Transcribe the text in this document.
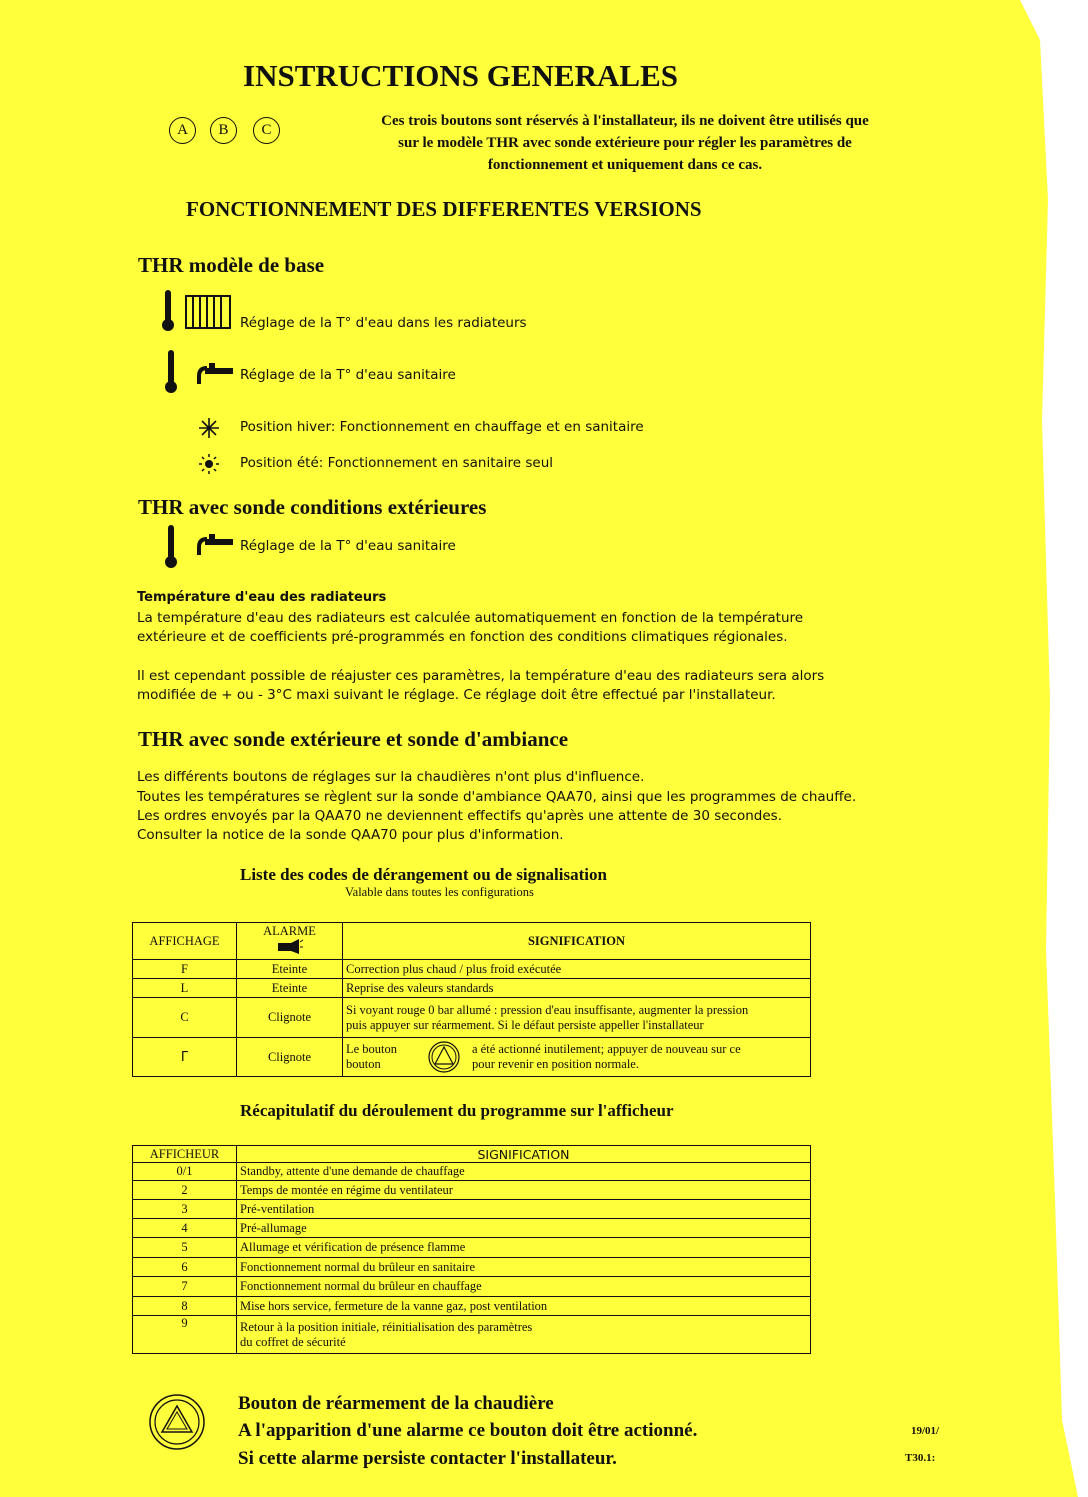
INSTRUCTIONS GENERALES
A	B	C
Ces trois boutons sont réservés à l'installateur, ils ne doivent être utilisés que sur le modèle THR avec sonde extérieure pour régler les paramètres de fonctionnement et uniquement dans ce cas.
FONCTIONNEMENT DES DIFFERENTES VERSIONS
THR modèle de base
Réglage de la T° d'eau dans les radiateurs
Réglage de la T° d'eau sanitaire
Position hiver: Fonctionnement en chauffage et en sanitaire
Position été: Fonctionnement en sanitaire seul
THR avec sonde conditions extérieures
Réglage de la T° d'eau sanitaire
Température d'eau des radiateurs
La température d'eau des radiateurs est calculée automatiquement en fonction de la température
extérieure et de coefficients pré-programmés en fonction des conditions climatiques régionales.
Il est cependant possible de réajuster ces paramètres, la température d'eau des radiateurs sera alors
modifiée de + ou - 3°C maxi suivant le réglage. Ce réglage doit être effectué par l'installateur.
THR avec sonde extérieure et sonde d'ambiance
Les différents boutons de réglages sur la chaudières n'ont plus d'influence.
Toutes les températures se règlent sur la sonde d'ambiance QAA70, ainsi que les programmes de chauffe.
Les ordres envoyés par la QAA70 ne deviennent effectifs qu'après une attente de 30 secondes.
Consulter la notice de la sonde QAA70 pour plus d'information.
Liste des codes de dérangement ou de signalisation
Valable dans toutes les configurations
AFFICHAGE	ALARME	SIGNIFICATION
F	Eteinte	Correction plus chaud / plus froid exécutée
L	Eteinte	Reprise des valeurs standards
C	Clignote	Si voyant rouge 0 bar allumé : pression d'eau insuffisante, augmenter la pression
puis appuyer sur réarmement. Si le défaut persiste appeller l'installateur

Γ	Clignote	Le bouton
bouton
a été actionné inutilement; appuyer de nouveau sur ce
pour revenir en position normale.
Récapitulatif du déroulement du programme sur l'afficheur
AFFICHEUR	SIGNIFICATION
0/1	Standby, attente d'une demande de chauffage
2	Temps de montée en régime du ventilateur
3	Pré-ventilation
4	Pré-allumage
5	Allumage et vérification de présence flamme
6	Fonctionnement normal du brûleur en sanitaire
7	Fonctionnement normal du brûleur en chauffage
8	Mise hors service, fermeture de la vanne gaz, post ventilation
9	Retour à la position initiale, réinitialisation des paramètres
du coffret de sécurité
Bouton de réarmement de la chaudière
A l'apparition d'une alarme ce bouton doit être actionné.
Si cette alarme persiste contacter l'installateur.
19/01/
T30.1:
